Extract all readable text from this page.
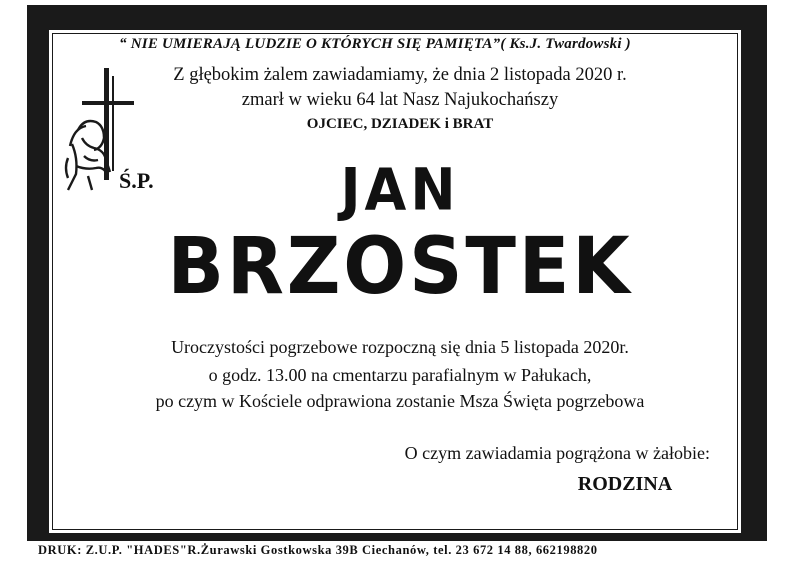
“ NIE UMIERAJĄ LUDZIE O KTÓRYCH SIĘ PAMIĘTA”( Ks.J. Twardowski )
Z głębokim żalem zawiadamiamy, że dnia 2 listopada 2020 r.
zmarł w wieku 64 lat Nasz Najukochańszy
OJCIEC, DZIADEK i BRAT
Ś.P.	JAN
BRZOSTEK
Uroczystości pogrzebowe rozpoczną się dnia 5 listopada 2020r.
o godz. 13.00 na cmentarzu parafialnym w Pałukach,
po czym w Kościele odprawiona zostanie Msza Święta pogrzebowa
O czym zawiadamia pogrążona w żałobie:
RODZINA
DRUK: Z.U.P. "HADES"R.Żurawski Gostkowska 39B Ciechanów, tel. 23 672 14 88, 662198820
